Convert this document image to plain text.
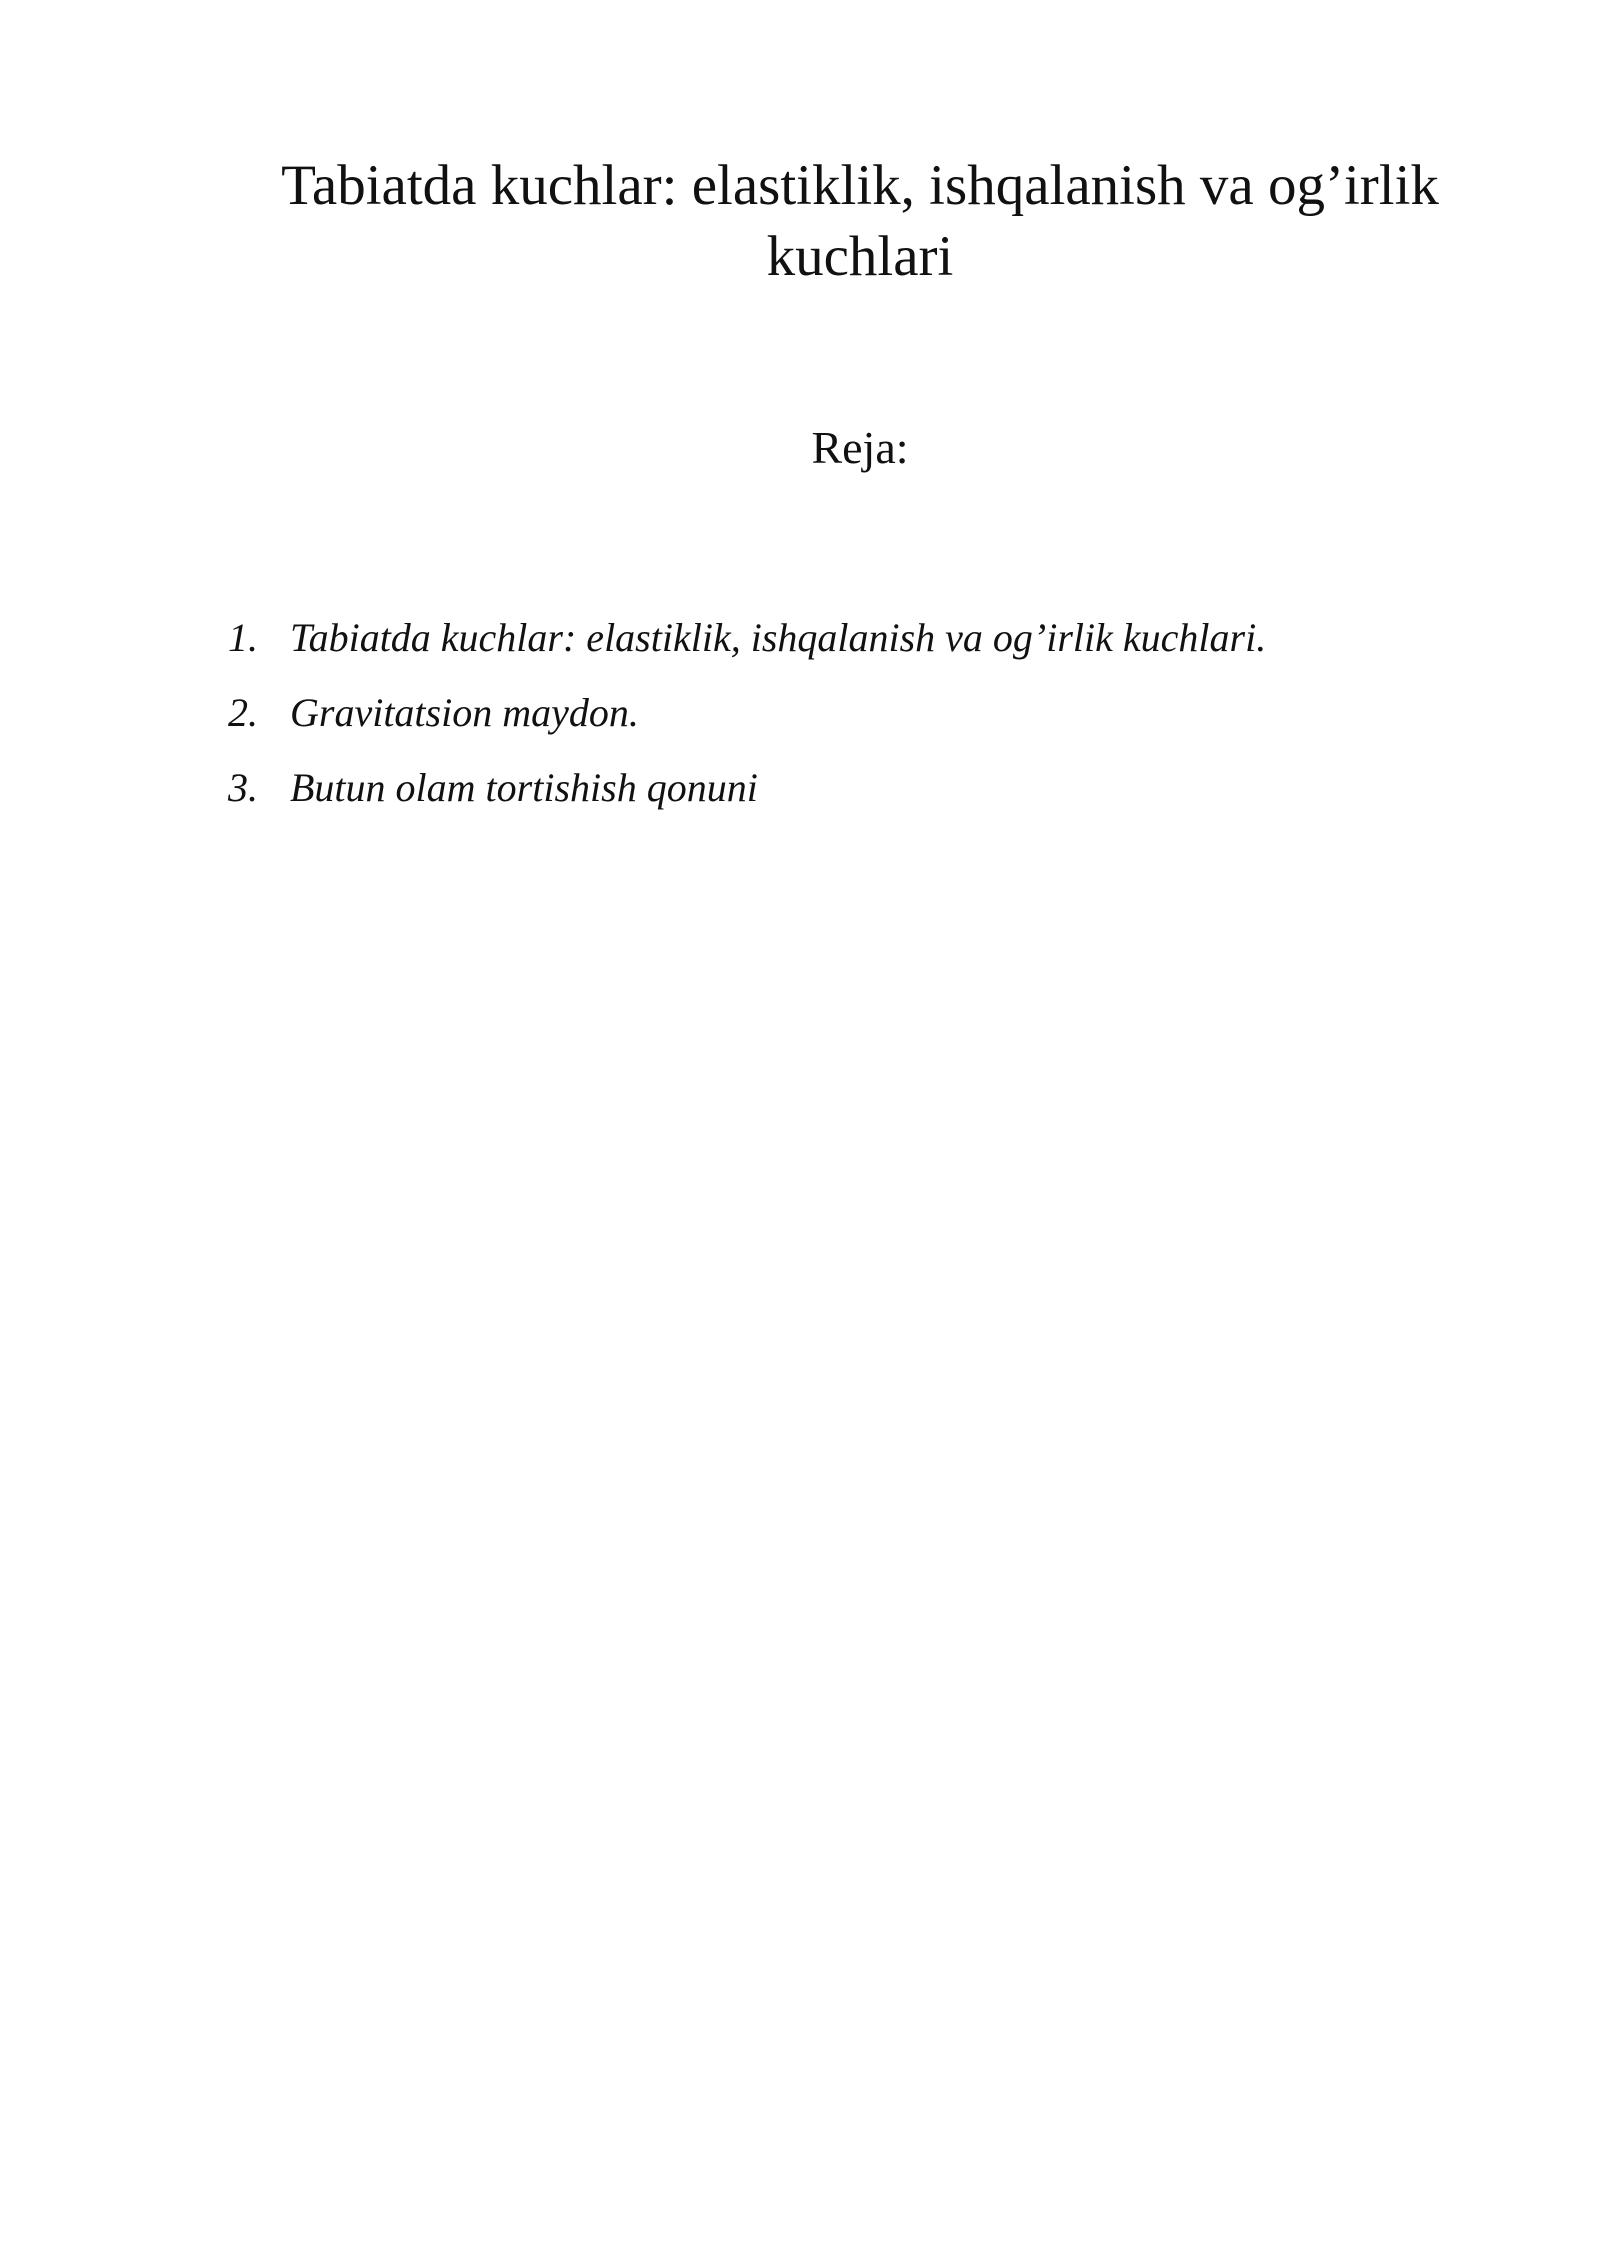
Tabiatda kuchlar: elastiklik, ishqalanish va og’irlik kuchlari
Reja:
1. Tabiatda kuchlar: elastiklik, ishqalanish va og’irlik kuchlari.
2. Gravitatsion maydon.
3. Butun olam tortishish qonuni
